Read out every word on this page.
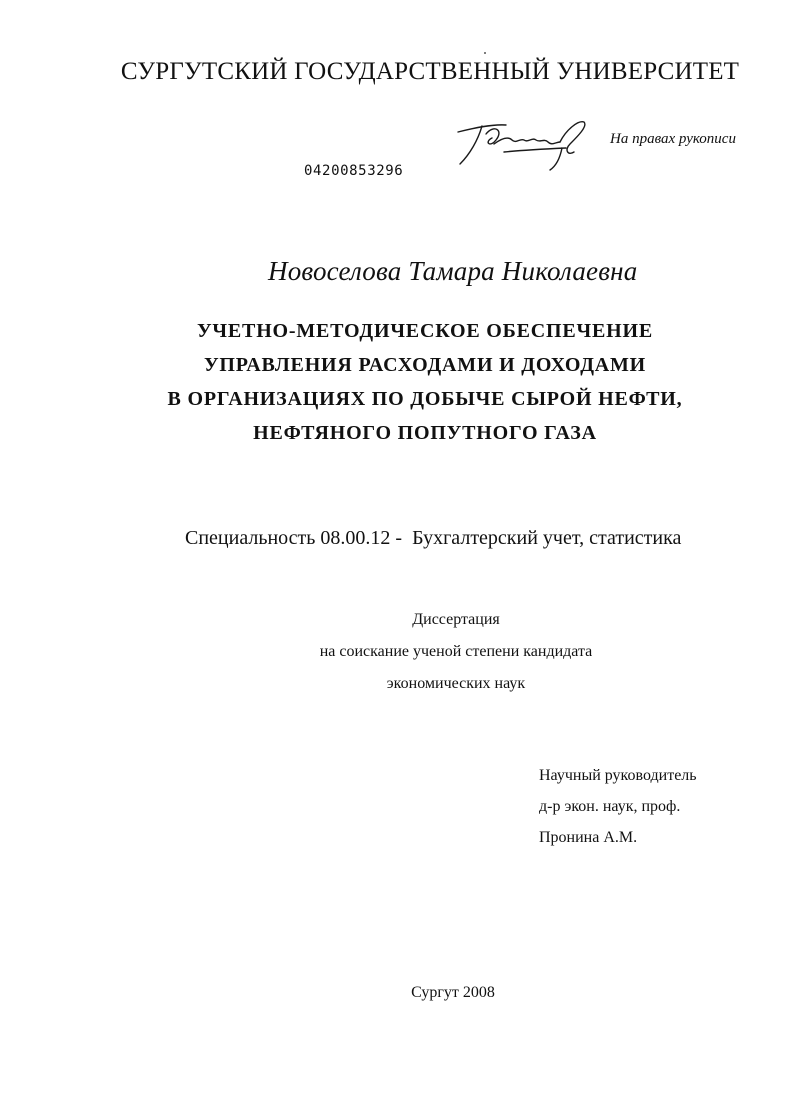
СУРГУТСКИЙ ГОСУДАРСТВЕННЫЙ УНИВЕРСИТЕТ
На правах рукописи
04200853296
Новоселова Тамара Николаевна
УЧЕТНО-МЕТОДИЧЕСКОЕ ОБЕСПЕЧЕНИЕ
УПРАВЛЕНИЯ РАСХОДАМИ И ДОХОДАМИ
В ОРГАНИЗАЦИЯХ ПО ДОБЫЧЕ СЫРОЙ НЕФТИ,
НЕФТЯНОГО ПОПУТНОГО ГАЗА
Специальность 08.00.12 - Бухгалтерский учет, статистика
Диссертация
на соискание ученой степени кандидата
экономических наук
Научный руководитель
д-р экон. наук, проф.
Пронина А.М.
Сургут 2008
